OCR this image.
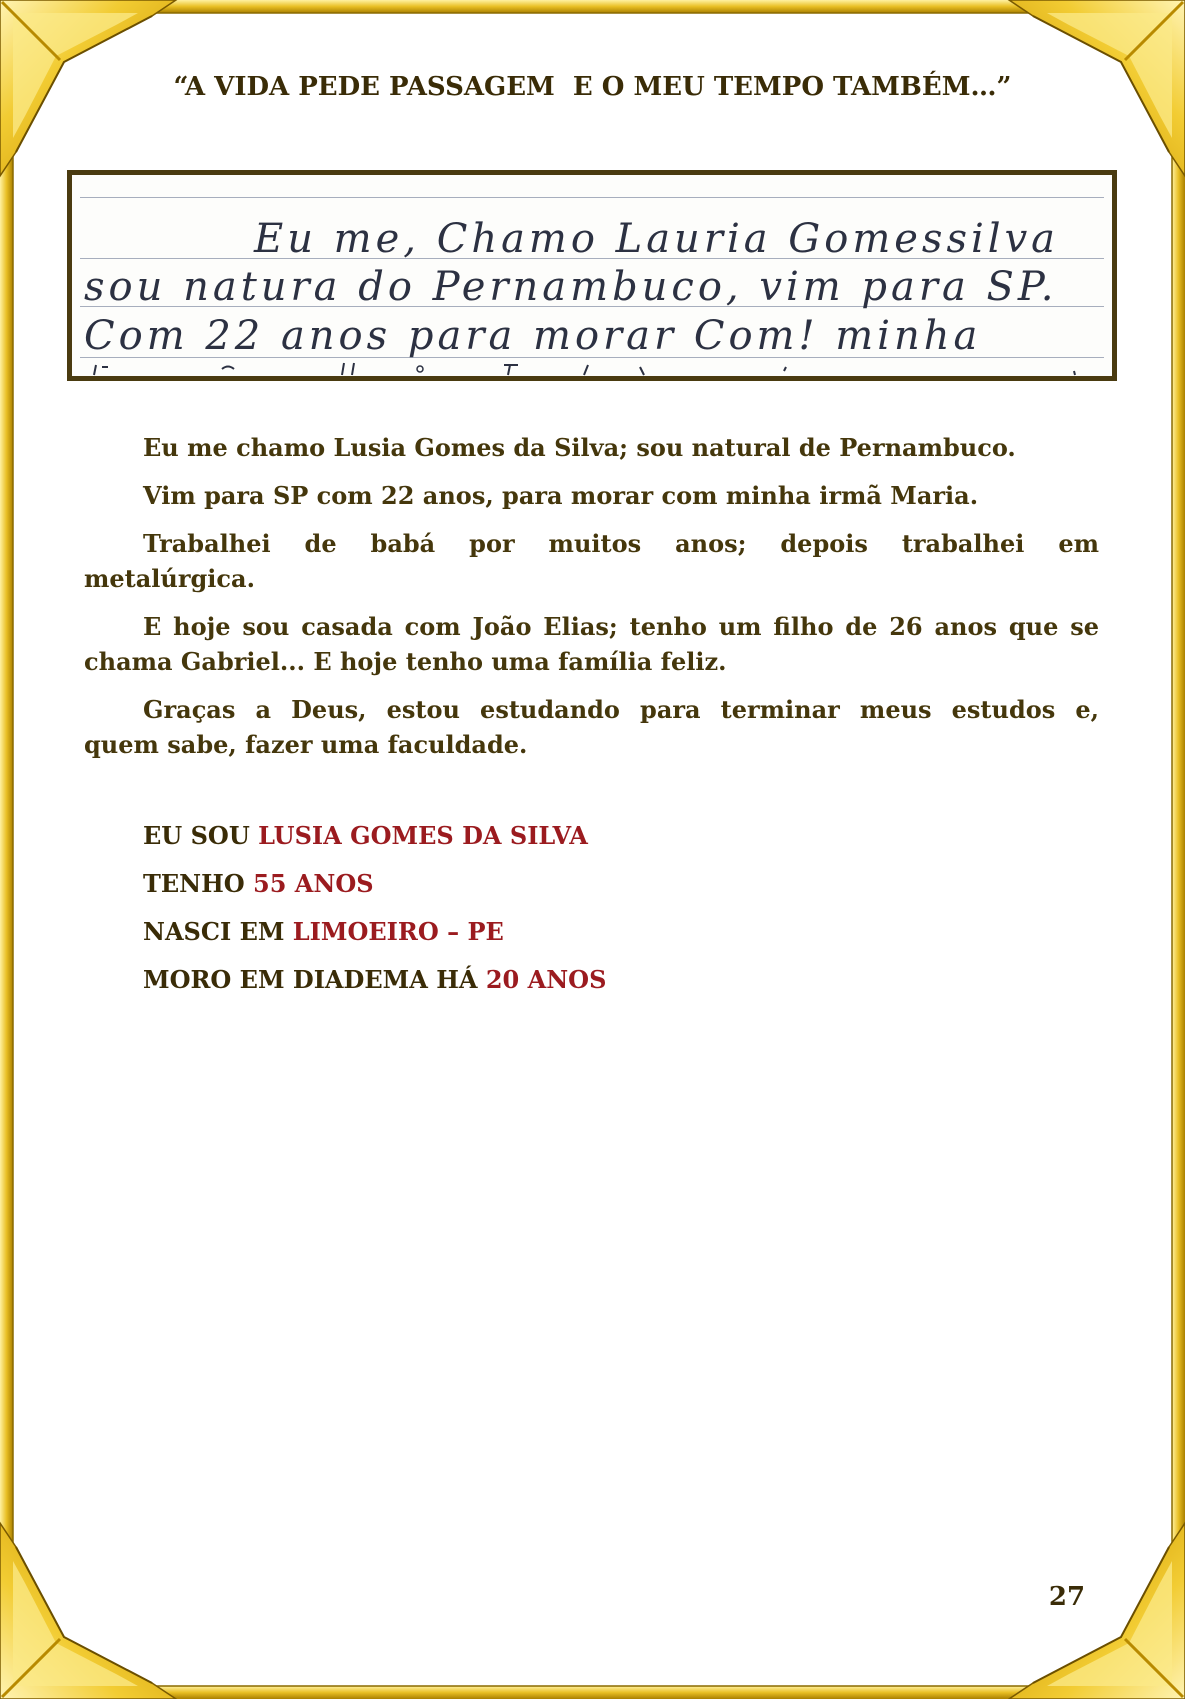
“A VIDA PEDE PASSAGEM  E O MEU TEMPO TAMBÉM…”
Eu me, Chamo Lauria Gomessilva
sou natura do Pernambuco, vim para SP.
Com 22 anos para morar Com! minha

Eu me chamo Lusia Gomes da Silva; sou natural de Pernambuco.

Vim para SP com 22 anos, para morar com minha irmã Maria.

Trabalhei de babá por muitos anos; depois trabalhei em
metalúrgica.

E hoje sou casada com João Elias; tenho um filho de 26 anos que se
chama Gabriel... E hoje tenho uma família feliz.

Graças a Deus, estou estudando para terminar meus estudos e,
quem sabe, fazer uma faculdade.

EU SOU LUSIA GOMES DA SILVA
TENHO 55 ANOS
NASCI EM LIMOEIRO – PE
MORO EM DIADEMA HÁ 20 ANOS
27
